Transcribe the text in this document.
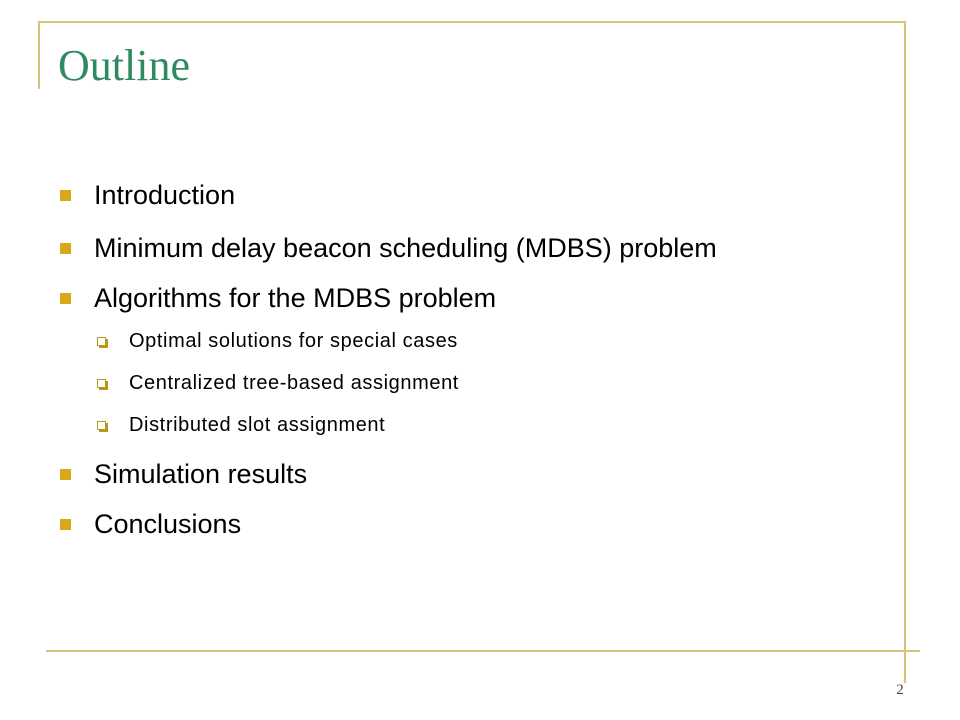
Outline
Introduction
Minimum delay beacon scheduling (MDBS) problem
Algorithms for the MDBS problem
Optimal solutions for special cases
Centralized tree-based assignment
Distributed slot assignment
Simulation results
Conclusions
2
